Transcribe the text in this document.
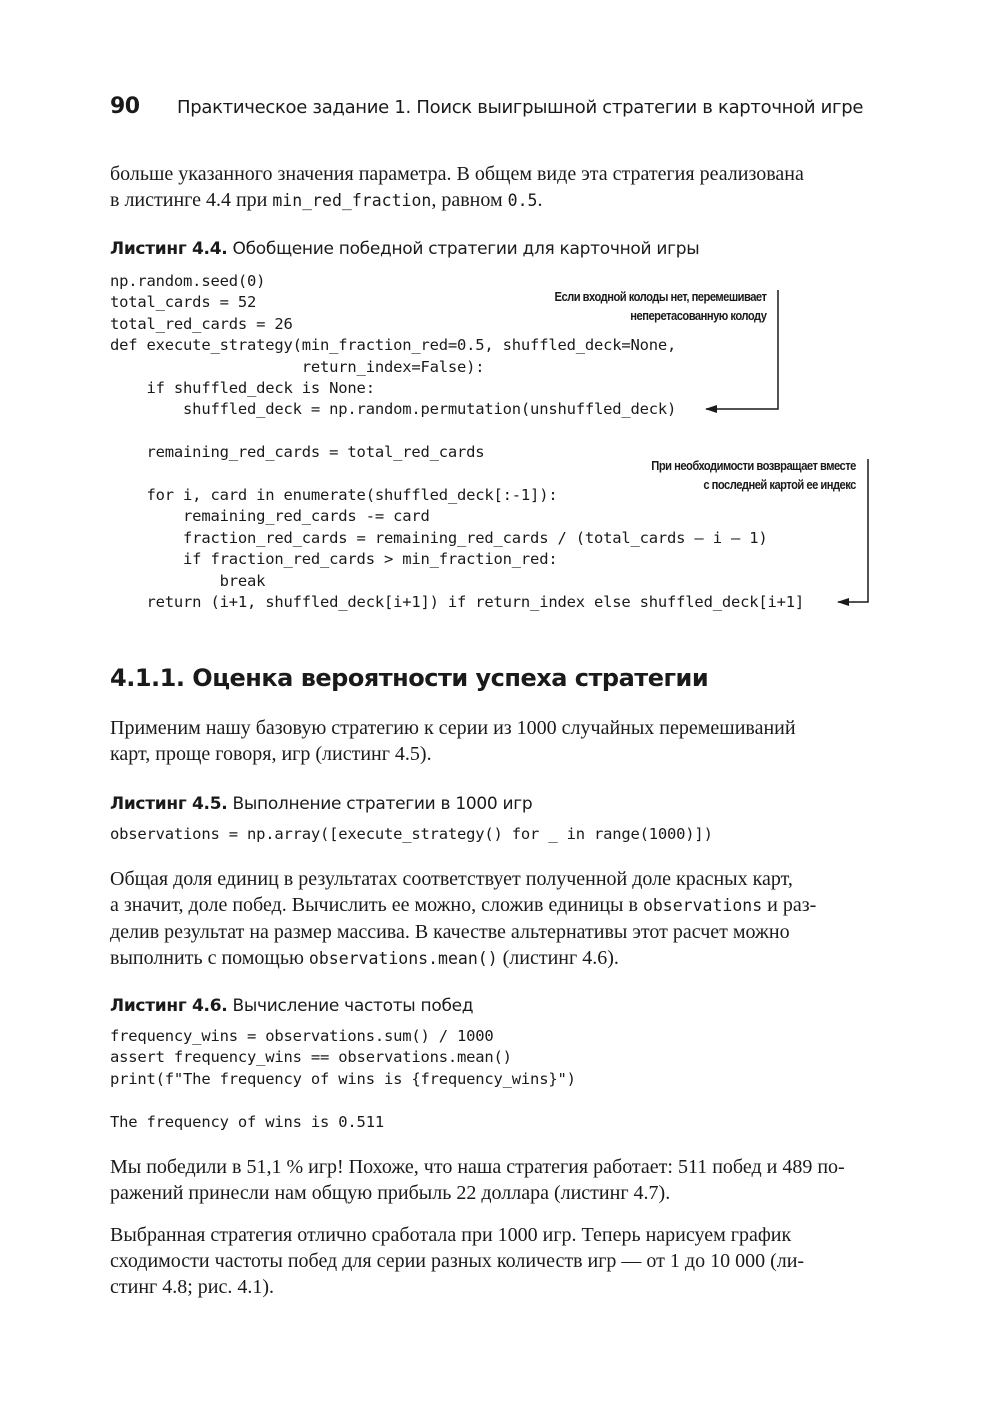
90 Практическое задание 1. Поиск выигрышной стратегии в карточной игре
больше указанного значения параметра. В общем виде эта стратегия реализована
в листинге 4.4 при min_red_fraction, равном 0.5.
Листинг 4.4. Обобщение победной стратегии для карточной игры
np.random.seed(0)
total_cards = 52
total_red_cards = 26
def execute_strategy(min_fraction_red=0.5, shuffled_deck=None,
return_index=False):
if shuffled_deck is None:
shuffled_deck = np.random.permutation(unshuffled_deck)
remaining_red_cards = total_red_cards
for i, card in enumerate(shuffled_deck[:-1]):
remaining_red_cards -= card
fraction_red_cards = remaining_red_cards / (total_cards – i – 1)
if fraction_red_cards > min_fraction_red:
break
return (i+1, shuffled_deck[i+1]) if return_index else shuffled_deck[i+1]
Если входной колоды нет, перемешивает
неперетасованную колоду
При необходимости возвращает вместе
с последней картой ее индекс
4.1.1. Оценка вероятности успеха стратегии
Применим нашу базовую стратегию к серии из 1000 случайных перемешиваний
карт, проще говоря, игр (листинг 4.5).
Листинг 4.5. Выполнение стратегии в 1000 игр
observations = np.array([execute_strategy() for _ in range(1000)])
Общая доля единиц в результатах соответствует полученной доле красных карт,
а значит, доле побед. Вычислить ее можно, сложив единицы в observations и раз-
делив результат на размер массива. В качестве альтернативы этот расчет можно
выполнить с помощью observations.mean() (листинг 4.6).
Листинг 4.6. Вычисление частоты побед
frequency_wins = observations.sum() / 1000
assert frequency_wins == observations.mean()
print(f"The frequency of wins is {frequency_wins}")
The frequency of wins is 0.511
Мы победили в 51,1 % игр! Похоже, что наша стратегия работает: 511 побед и 489 по-
ражений принесли нам общую прибыль 22 доллара (листинг 4.7).
Выбранная стратегия отлично сработала при 1000 игр. Теперь нарисуем график
сходимости частоты побед для серии разных количеств игр — от 1 до 10 000 (ли-
стинг 4.8; рис. 4.1).
